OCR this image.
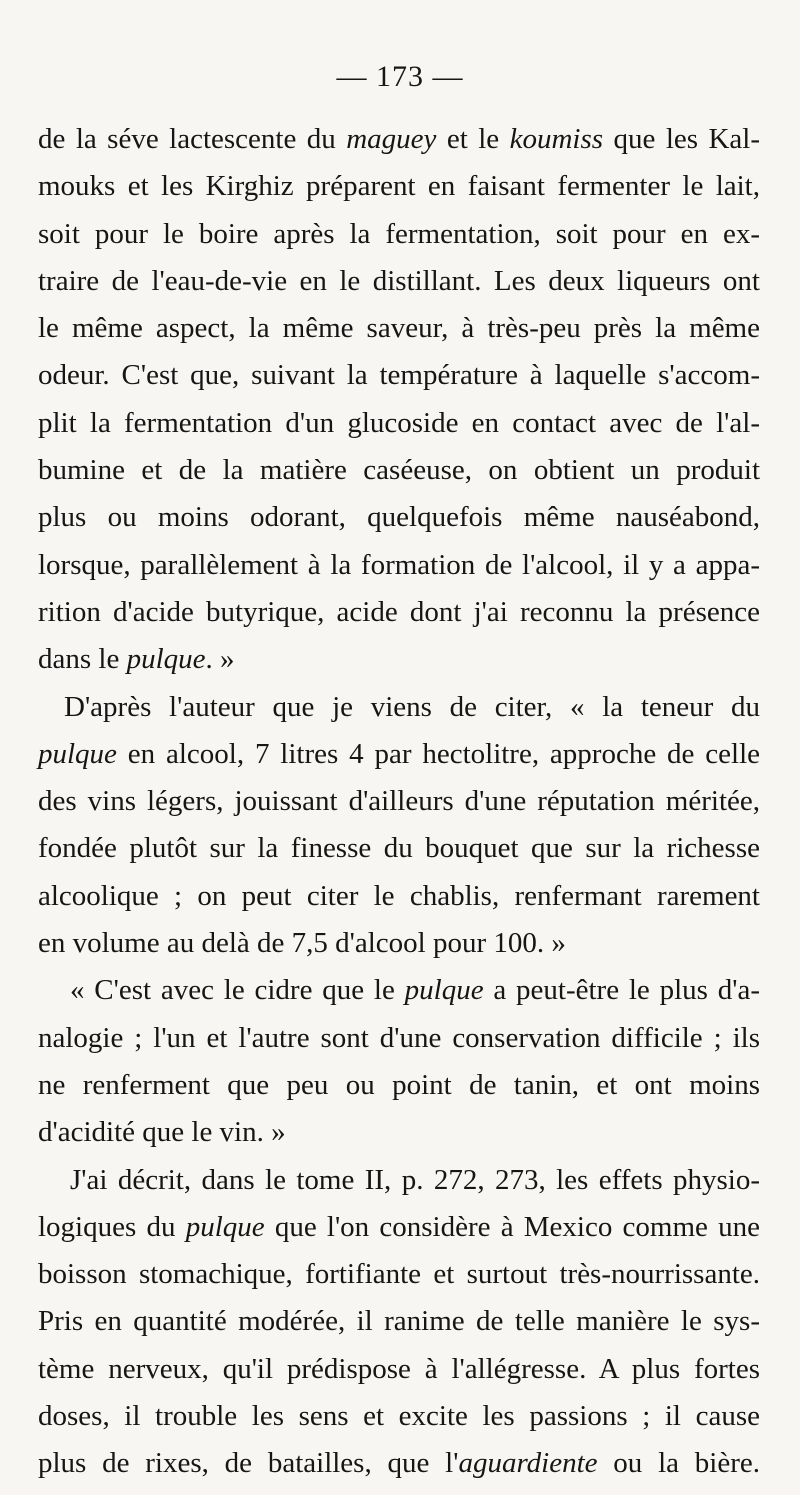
— 173 —
de la séve lactescente du maguey et le koumiss que les Kal-
mouks et les Kirghiz préparent en faisant fermenter le lait,
soit pour le boire après la fermentation, soit pour en ex-
traire de l'eau-de-vie en le distillant. Les deux liqueurs ont
le même aspect, la même saveur, à très-peu près la même
odeur. C'est que, suivant la température à laquelle s'accom-
plit la fermentation d'un glucoside en contact avec de l'al-
bumine et de la matière caséeuse, on obtient un produit
plus ou moins odorant, quelquefois même nauséabond,
lorsque, parallèlement à la formation de l'alcool, il y a appa-
rition d'acide butyrique, acide dont j'ai reconnu la présence
dans le pulque. »
D'après l'auteur que je viens de citer, « la teneur du
pulque en alcool, 7 litres 4 par hectolitre, approche de celle
des vins légers, jouissant d'ailleurs d'une réputation méritée,
fondée plutôt sur la finesse du bouquet que sur la richesse
alcoolique ; on peut citer le chablis, renfermant rarement
en volume au delà de 7,5 d'alcool pour 100. »
« C'est avec le cidre que le pulque a peut-être le plus d'a-
nalogie ; l'un et l'autre sont d'une conservation difficile ; ils
ne renferment que peu ou point de tanin, et ont moins
d'acidité que le vin. »
J'ai décrit, dans le tome II, p. 272, 273, les effets physio-
logiques du pulque que l'on considère à Mexico comme une
boisson stomachique, fortifiante et surtout très-nourrissante.
Pris en quantité modérée, il ranime de telle manière le sys-
tème nerveux, qu'il prédispose à l'allégresse. A plus fortes
doses, il trouble les sens et excite les passions ; il cause
plus de rixes, de batailles, que l'aguardiente ou la bière.
